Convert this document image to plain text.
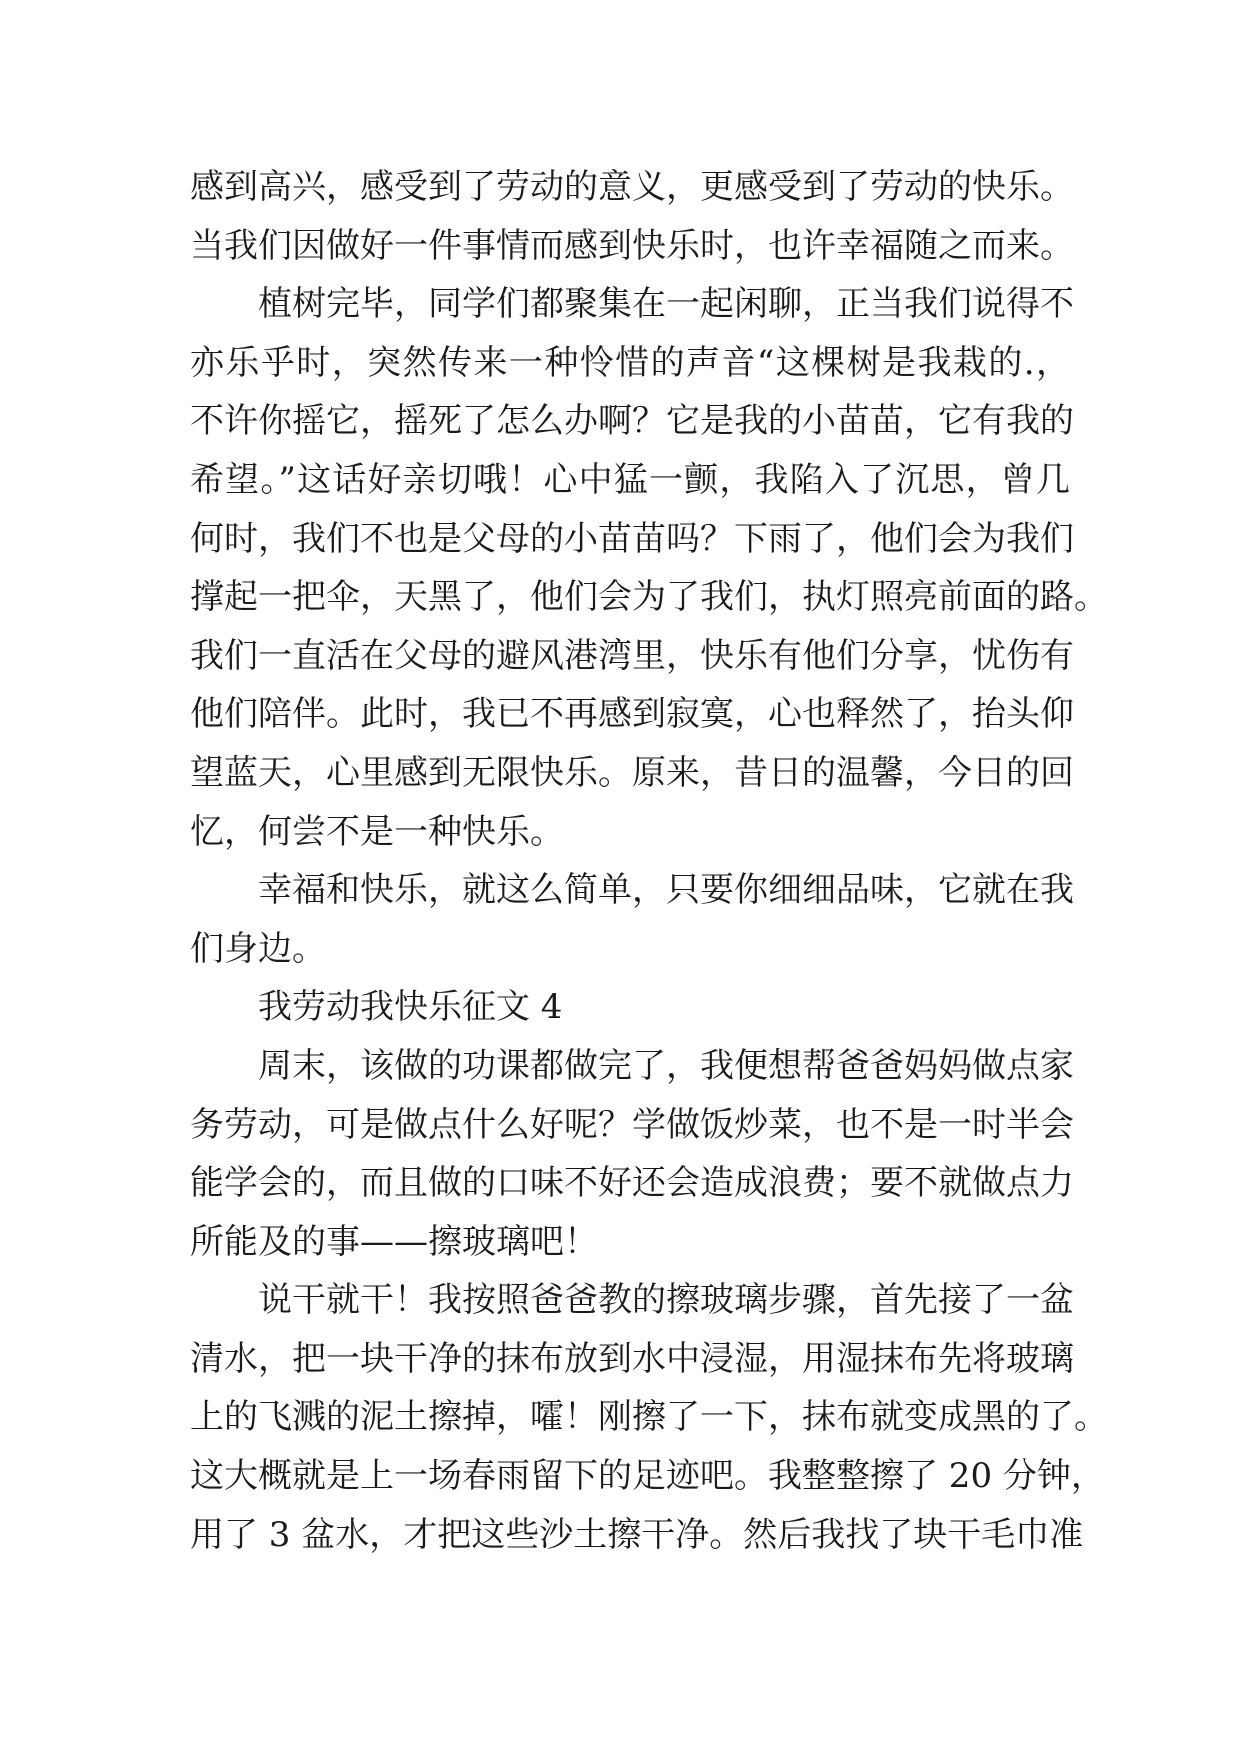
感到高兴，感受到了劳动的意义，更感受到了劳动的快乐。
当我们因做好一件事情而感到快乐时，也许幸福随之而来。
植树完毕，同学们都聚集在一起闲聊，正当我们说得不
亦乐乎时，突然传来一种怜惜的声音“这棵树是我栽的.，
不许你摇它，摇死了怎么办啊？它是我的小苗苗，它有我的
希望。”这话好亲切哦！心中猛一颤，我陷入了沉思，曾几
何时，我们不也是父母的小苗苗吗？下雨了，他们会为我们
撑起一把伞，天黑了，他们会为了我们，执灯照亮前面的路。
我们一直活在父母的避风港湾里，快乐有他们分享，忧伤有
他们陪伴。此时，我已不再感到寂寞，心也释然了，抬头仰
望蓝天，心里感到无限快乐。原来，昔日的温馨，今日的回
忆，何尝不是一种快乐。
幸福和快乐，就这么简单，只要你细细品味，它就在我
们身边。
我劳动我快乐征文 4
周末，该做的功课都做完了，我便想帮爸爸妈妈做点家
务劳动，可是做点什么好呢？学做饭炒菜，也不是一时半会
能学会的，而且做的口味不好还会造成浪费；要不就做点力
所能及的事——擦玻璃吧！
说干就干！我按照爸爸教的擦玻璃步骤，首先接了一盆
清水，把一块干净的抹布放到水中浸湿，用湿抹布先将玻璃
上的飞溅的泥土擦掉，嚯！刚擦了一下，抹布就变成黑的了。
这大概就是上一场春雨留下的足迹吧。我整整擦了 20 分钟，
用了 3 盆水，才把这些沙土擦干净。然后我找了块干毛巾准
